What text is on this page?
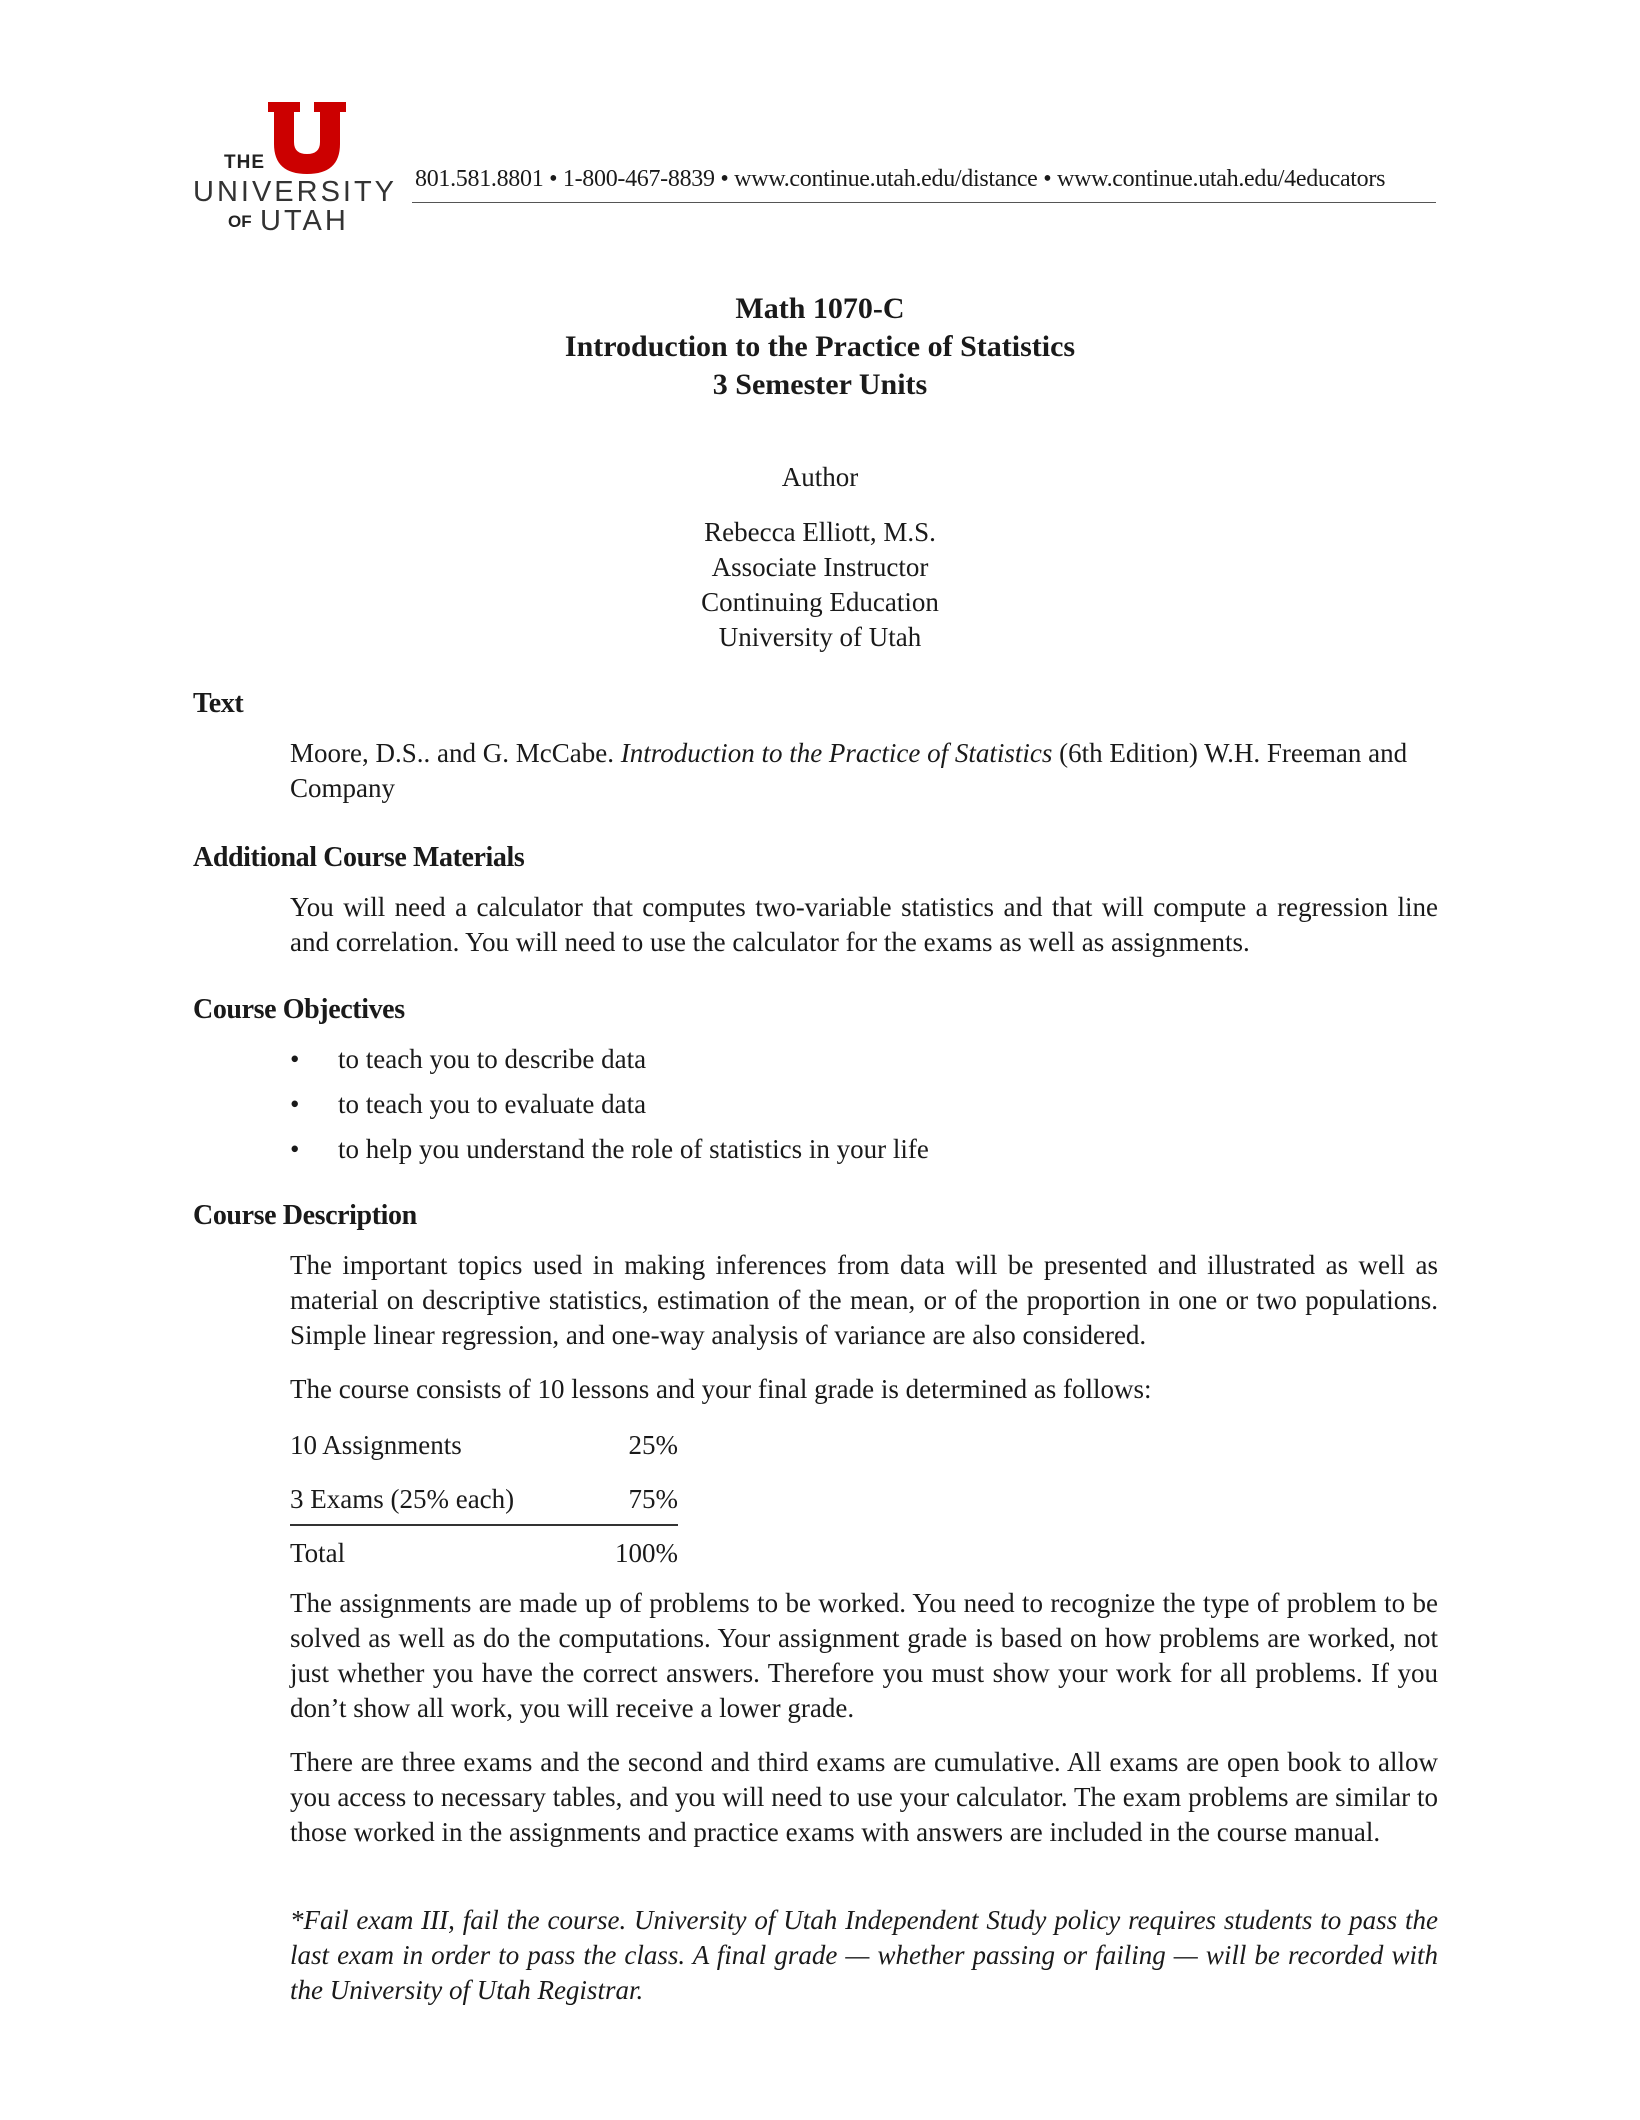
THE
UNIVERSITY
OF UTAH
801.581.8801 • 1-800-467-8839 • www.continue.utah.edu/distance • www.continue.utah.edu/4educators
Math 1070-C
Introduction to the Practice of Statistics
3 Semester Units
Author
Rebecca Elliott, M.S.
Associate Instructor
Continuing Education
University of Utah
Text
Moore, D.S.. and G. McCabe. Introduction to the Practice of Statistics (6th Edition) W.H. Freeman and Company
Additional Course Materials
You will need a calculator that computes two-variable statistics and that will compute a regression line and correlation. You will need to use the calculator for the exams as well as assignments.
Course Objectives
• to teach you to describe data
• to teach you to evaluate data
• to help you understand the role of statistics in your life
Course Description
The important topics used in making inferences from data will be presented and illustrated as well as material on descriptive statistics, estimation of the mean, or of the proportion in one or two populations. Simple linear regression, and one-way analysis of variance are also considered.
The course consists of 10 lessons and your final grade is determined as follows:
10 Assignments	25%
3 Exams (25% each)	75%
Total	100%
The assignments are made up of problems to be worked. You need to recognize the type of problem to be solved as well as do the computations. Your assignment grade is based on how problems are worked, not just whether you have the correct answers. Therefore you must show your work for all problems. If you don’t show all work, you will receive a lower grade.
There are three exams and the second and third exams are cumulative. All exams are open book to allow you access to necessary tables, and you will need to use your calculator. The exam problems are similar to those worked in the assignments and practice exams with answers are included in the course manual.
*Fail exam III, fail the course. University of Utah Independent Study policy requires students to pass the last exam in order to pass the class. A final grade — whether passing or failing — will be recorded with the University of Utah Registrar.
